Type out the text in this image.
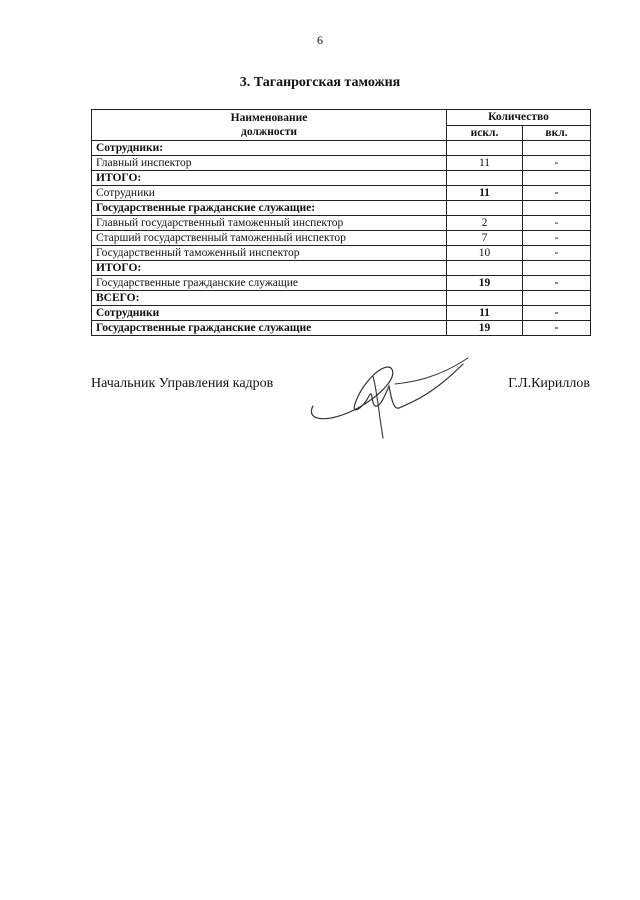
6
3. Таганрогская таможня
Наименование
должности	Количество	
	искл.	вкл.
Сотрудники:		
Главный инспектор	11	-
ИТОГО:		
Сотрудники	11	-
Государственные гражданские служащие:		
Главный государственный таможенный инспектор	2	-
Старший государственный таможенный инспектор	7	-
Государственный таможенный инспектор	10	-
ИТОГО:		
Государственные гражданские служащие	19	-
ВСЕГО:		
Сотрудники	11	-
Государственные гражданские служащие	19	-
Начальник Управления кадров	Г.Л.Кириллов
